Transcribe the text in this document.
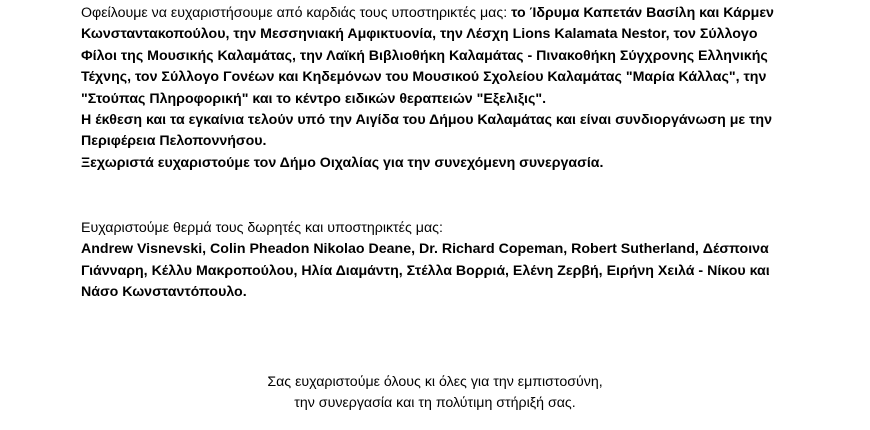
Οφείλουμε να ευχαριστήσουμε από καρδιάς τους υποστηρικτές μας: το Ίδρυμα Καπετάν Βασίλη και Κάρμεν Κωνσταντακοπούλου, την Μεσσηνιακή Αμφικτυονία, την Λέσχη Lions Kalamata Nestor, τον Σύλλογο Φίλοι της Μουσικής Καλαμάτας, την Λαϊκή Βιβλιοθήκη Καλαμάτας - Πινακοθήκη Σύγχρονης Ελληνικής Τέχνης, τον Σύλλογο Γονέων και Κηδεμόνων του Μουσικού Σχολείου Καλαμάτας "Μαρία Κάλλας", την "Στούπας Πληροφορική" και το κέντρο ειδικών θεραπειών "Εξελιξις".

Η έκθεση και τα εγκαίνια τελούν υπό την Αιγίδα του Δήμου Καλαμάτας και είναι συνδιοργάνωση με την Περιφέρεια Πελοποννήσου.

Ξεχωριστά ευχαριστούμε τον Δήμο Οιχαλίας για την συνεχόμενη συνεργασία.

Ευχαριστούμε θερμά τους δωρητές και υποστηρικτές μας:

Andrew Visnevski, Colin Pheadon Nikolao Deane, Dr. Richard Copeman, Robert Sutherland, Δέσποινα Γιάνναρη, Κέλλυ Μακροπούλου, Ηλία Διαμάντη, Στέλλα Βορριά, Ελένη Ζερβή, Ειρήνη Χειλά - Νίκου και Νάσο Κωνσταντόπουλο.

Σας ευχαριστούμε όλους κι όλες για την εμπιστοσύνη,
την συνεργασία και τη πολύτιμη στήριξή σας.
